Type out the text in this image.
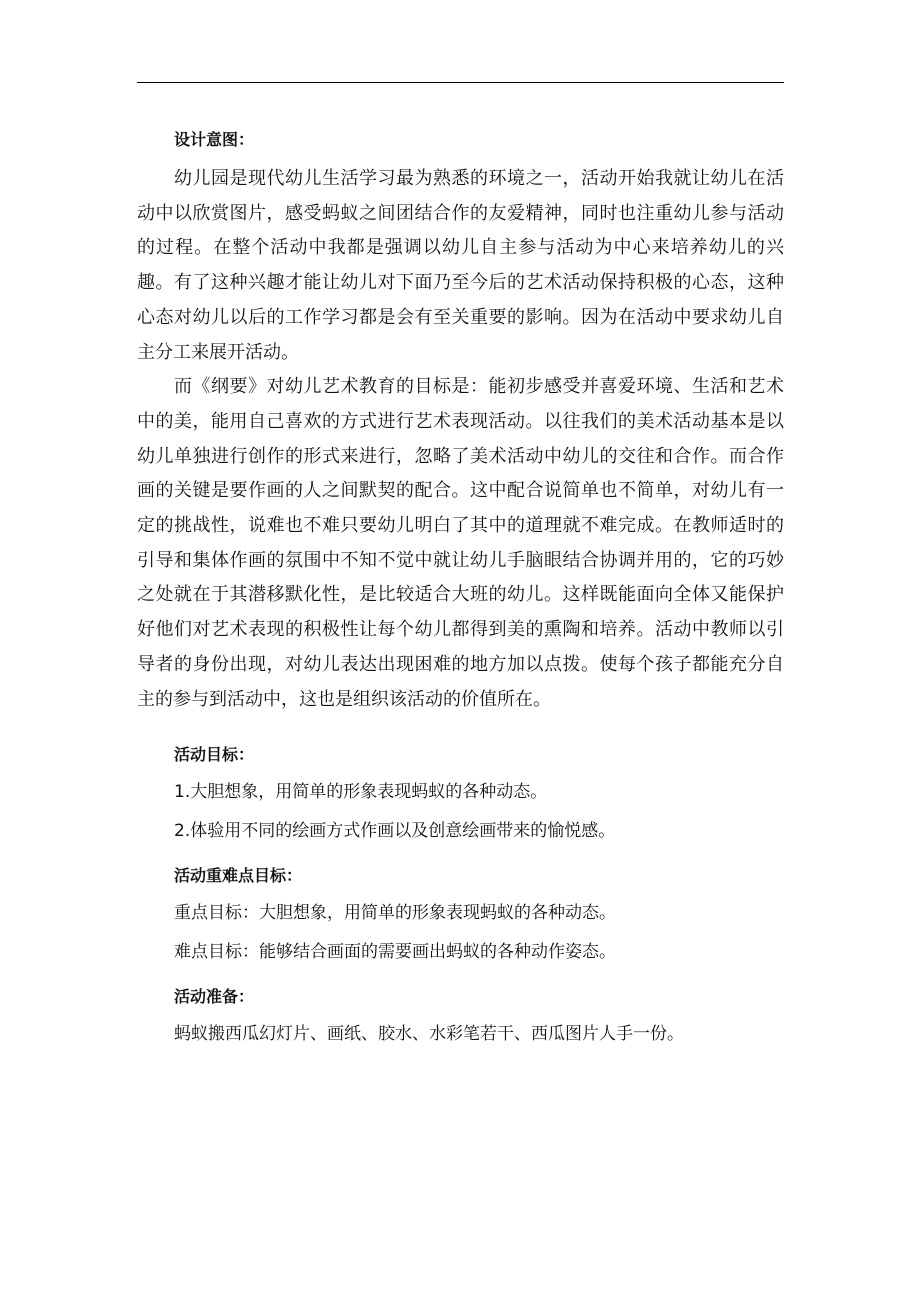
设计意图：

幼儿园是现代幼儿生活学习最为熟悉的环境之一，活动开始我就让幼儿在活动中以欣赏图片，感受蚂蚁之间团结合作的友爱精神，同时也注重幼儿参与活动的过程。在整个活动中我都是强调以幼儿自主参与活动为中心来培养幼儿的兴趣。有了这种兴趣才能让幼儿对下面乃至今后的艺术活动保持积极的心态，这种心态对幼儿以后的工作学习都是会有至关重要的影响。因为在活动中要求幼儿自主分工来展开活动。

而《纲要》对幼儿艺术教育的目标是：能初步感受并喜爱环境、生活和艺术中的美，能用自己喜欢的方式进行艺术表现活动。以往我们的美术活动基本是以幼儿单独进行创作的形式来进行，忽略了美术活动中幼儿的交往和合作。而合作画的关键是要作画的人之间默契的配合。这中配合说简单也不简单，对幼儿有一定的挑战性，说难也不难只要幼儿明白了其中的道理就不难完成。在教师适时的引导和集体作画的氛围中不知不觉中就让幼儿手脑眼结合协调并用的，它的巧妙之处就在于其潜移默化性，是比较适合大班的幼儿。这样既能面向全体又能保护好他们对艺术表现的积极性让每个幼儿都得到美的熏陶和培养。活动中教师以引导者的身份出现，对幼儿表达出现困难的地方加以点拨。使每个孩子都能充分自主的参与到活动中，这也是组织该活动的价值所在。

活动目标：
1.大胆想象，用简单的形象表现蚂蚁的各种动态。
2.体验用不同的绘画方式作画以及创意绘画带来的愉悦感。
活动重难点目标：
重点目标：大胆想象，用简单的形象表现蚂蚁的各种动态。
难点目标：能够结合画面的需要画出蚂蚁的各种动作姿态。
活动准备：
蚂蚁搬西瓜幻灯片、画纸、胶水、水彩笔若干、西瓜图片人手一份。
